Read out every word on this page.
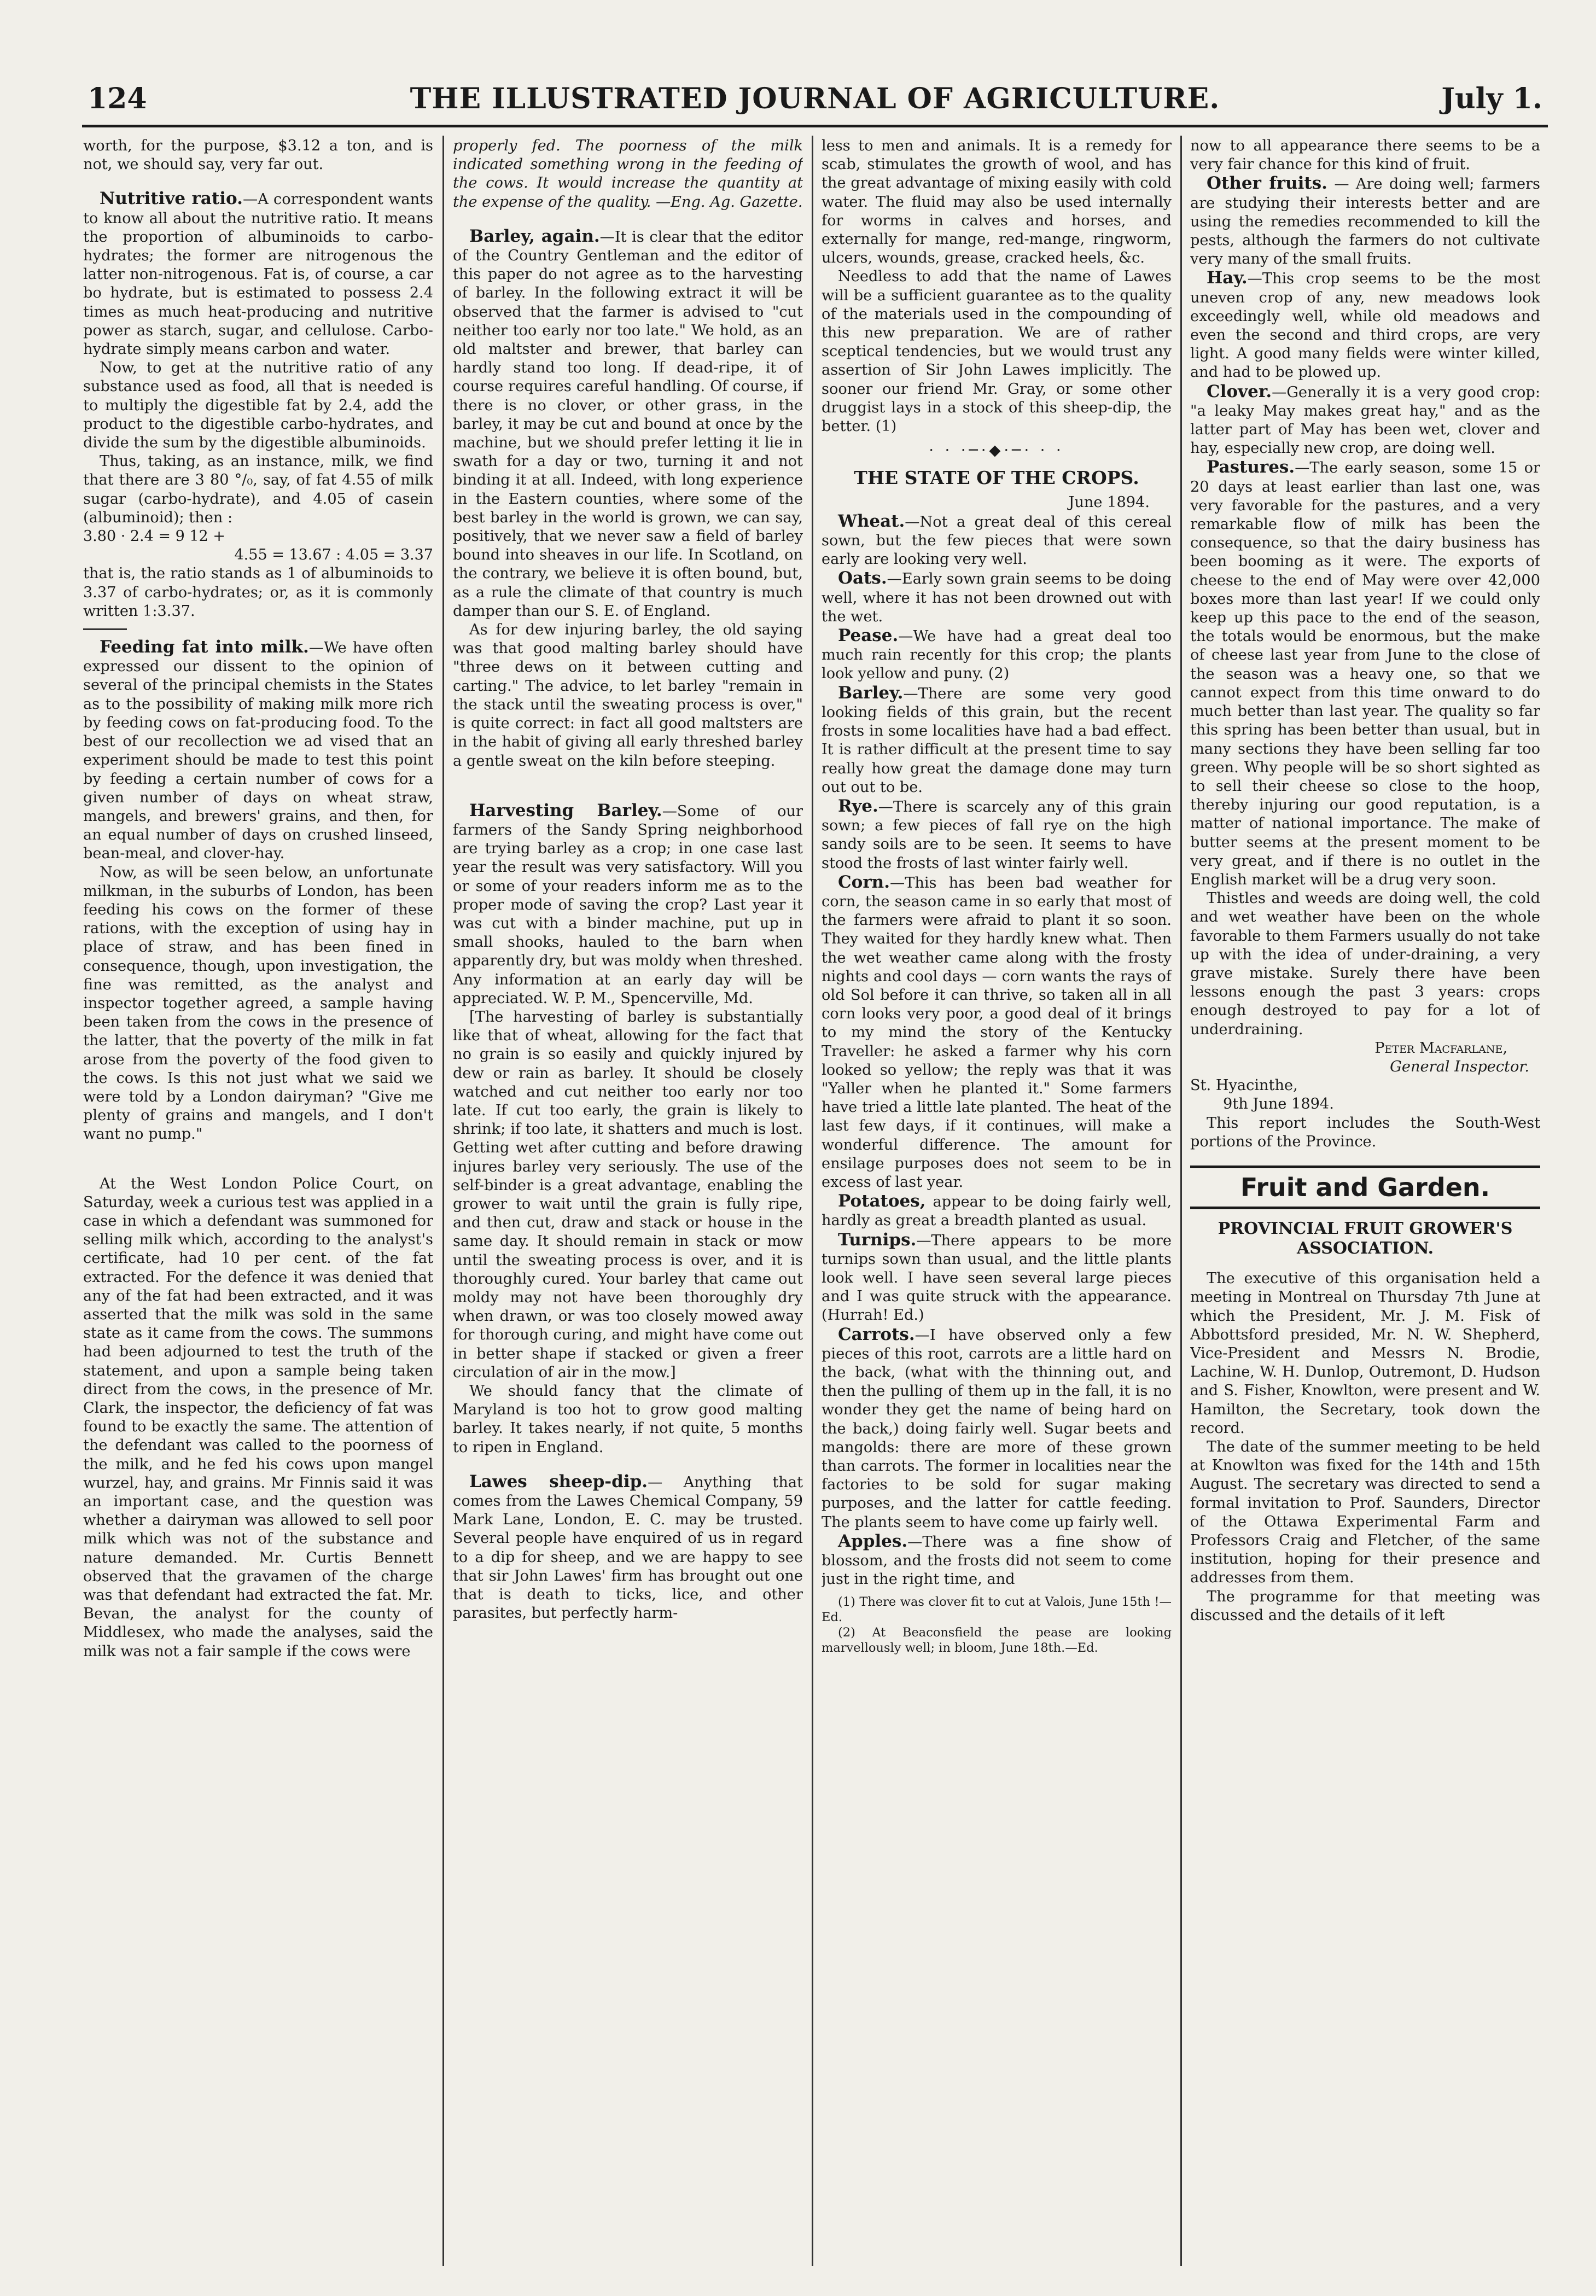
124	THE ILLUSTRATED JOURNAL OF AGRICULTURE.	July 1.

worth, for the purpose, $3.12 a ton, and is not, we should say, very far out.

Nutritive ratio.—A correspondent wants to know all about the nutritive ratio. It means the proportion of albuminoids to carbo-hydrates; the former are nitrogenous the latter non-nitrogenous. Fat is, of course, a car bo hydrate, but is estimated to possess 2.4 times as much heat-producing and nutritive power as starch, sugar, and cellulose. Carbo-hydrate simply means carbon and water.

Now, to get at the nutritive ratio of any substance used as food, all that is needed is to multiply the digestible fat by 2.4, add the product to the digestible carbo-hydrates, and divide the sum by the digestible albuminoids.

Thus, taking, as an instance, milk, we find that there are 3 80 °/₀, say, of fat 4.55 of milk sugar (carbo-hydrate), and 4.05 of casein (albuminoid); then :

3.80 · 2.4 = 9 12 +
4.55 = 13.67 : 4.05 = 3.37

that is, the ratio stands as 1 of albuminoids to 3.37 of carbo-hydrates; or, as it is commonly written 1:3.37.

Feeding fat into milk.—We have often expressed our dissent to the opinion of several of the principal chemists in the States as to the possibility of making milk more rich by feeding cows on fat-producing food. To the best of our recollection we ad vised that an experiment should be made to test this point by feeding a certain number of cows for a given number of days on wheat straw, mangels, and brewers' grains, and then, for an equal number of days on crushed linseed, bean-meal, and clover-hay.

Now, as will be seen below, an unfortunate milkman, in the suburbs of London, has been feeding his cows on the former of these rations, with the exception of using hay in place of straw, and has been fined in consequence, though, upon investigation, the fine was remitted, as the analyst and inspector together agreed, a sample having been taken from the cows in the presence of the latter, that the poverty of the milk in fat arose from the poverty of the food given to the cows. Is this not just what we said we were told by a London dairyman? "Give me plenty of grains and mangels, and I don't want no pump."

At the West London Police Court, on Saturday, week a curious test was applied in a case in which a defendant was summoned for selling milk which, according to the analyst's certificate, had 10 per cent. of the fat extracted. For the defence it was denied that any of the fat had been extracted, and it was asserted that the milk was sold in the same state as it came from the cows. The summons had been adjourned to test the truth of the statement, and upon a sample being taken direct from the cows, in the presence of Mr. Clark, the inspector, the deficiency of fat was found to be exactly the same. The attention of the defendant was called to the poorness of the milk, and he fed his cows upon mangel wurzel, hay, and grains. Mr Finnis said it was an important case, and the question was whether a dairyman was allowed to sell poor milk which was not of the substance and nature demanded. Mr. Curtis Bennett observed that the gravamen of the charge was that defendant had extracted the fat. Mr. Bevan, the analyst for the county of Middlesex, who made the analyses, said the milk was not a fair sample if the cows were

properly fed. The poorness of the milk indicated something wrong in the feeding of the cows. It would increase the quantity at the expense of the quality. —Eng. Ag. Gazette.

Barley, again.—It is clear that the editor of the Country Gentleman and the editor of this paper do not agree as to the harvesting of barley. In the following extract it will be observed that the farmer is advised to "cut neither too early nor too late." We hold, as an old maltster and brewer, that barley can hardly stand too long. If dead-ripe, it of course requires careful handling. Of course, if there is no clover, or other grass, in the barley, it may be cut and bound at once by the machine, but we should prefer letting it lie in swath for a day or two, turning it and not binding it at all. Indeed, with long experience in the Eastern counties, where some of the best barley in the world is grown, we can say, positively, that we never saw a field of barley bound into sheaves in our life. In Scotland, on the contrary, we believe it is often bound, but, as a rule the climate of that country is much damper than our S. E. of England.

As for dew injuring barley, the old saying was that good malting barley should have "three dews on it between cutting and carting." The advice, to let barley "remain in the stack until the sweating process is over," is quite correct: in fact all good maltsters are in the habit of giving all early threshed barley a gentle sweat on the kiln before steeping.

Harvesting Barley.—Some of our farmers of the Sandy Spring neighborhood are trying barley as a crop; in one case last year the result was very satisfactory. Will you or some of your readers inform me as to the proper mode of saving the crop? Last year it was cut with a binder machine, put up in small shooks, hauled to the barn when apparently dry, but was moldy when threshed. Any information at an early day will be appreciated. W. P. M., Spencerville, Md.

[The harvesting of barley is substantially like that of wheat, allowing for the fact that no grain is so easily and quickly injured by dew or rain as barley. It should be closely watched and cut neither too early nor too late. If cut too early, the grain is likely to shrink; if too late, it shatters and much is lost. Getting wet after cutting and before drawing injures barley very seriously. The use of the self-binder is a great advantage, enabling the grower to wait until the grain is fully ripe, and then cut, draw and stack or house in the same day. It should remain in stack or mow until the sweating process is over, and it is thoroughly cured. Your barley that came out moldy may not have been thoroughly dry when drawn, or was too closely mowed away for thorough curing, and might have come out in better shape if stacked or given a freer circulation of air in the mow.]

We should fancy that the climate of Maryland is too hot to grow good malting barley. It takes nearly, if not quite, 5 months to ripen in England.

Lawes sheep-dip.— Anything that comes from the Lawes Chemical Company, 59 Mark Lane, London, E. C. may be trusted. Several people have enquired of us in regard to a dip for sheep, and we are happy to see that sir John Lawes' firm has brought out one that is death to ticks, lice, and other parasites, but perfectly harm-

less to men and animals. It is a remedy for scab, stimulates the growth of wool, and has the great advantage of mixing easily with cold water. The fluid may also be used internally for worms in calves and horses, and externally for mange, red-mange, ringworm, ulcers, wounds, grease, cracked heels, &c.

Needless to add that the name of Lawes will be a sufficient guarantee as to the quality of the materials used in the compounding of this new preparation. We are of rather sceptical tendencies, but we would trust any assertion of Sir John Lawes implicitly. The sooner our friend Mr. Gray, or some other druggist lays in a stock of this sheep-dip, the better. (1)

· · ·─·◆·─· · ·
THE STATE OF THE CROPS.

June 1894.

Wheat.—Not a great deal of this cereal sown, but the few pieces that were sown early are looking very well.

Oats.—Early sown grain seems to be doing well, where it has not been drowned out with the wet.

Pease.—We have had a great deal too much rain recently for this crop; the plants look yellow and puny. (2)

Barley.—There are some very good looking fields of this grain, but the recent frosts in some localities have had a bad effect. It is rather difficult at the present time to say really how great the damage done may turn out out to be.

Rye.—There is scarcely any of this grain sown; a few pieces of fall rye on the high sandy soils are to be seen. It seems to have stood the frosts of last winter fairly well.

Corn.—This has been bad weather for corn, the season came in so early that most of the farmers were afraid to plant it so soon. They waited for they hardly knew what. Then the wet weather came along with the frosty nights and cool days — corn wants the rays of old Sol before it can thrive, so taken all in all corn looks very poor, a good deal of it brings to my mind the story of the Kentucky Traveller: he asked a farmer why his corn looked so yellow; the reply was that it was "Yaller when he planted it." Some farmers have tried a little late planted. The heat of the last few days, if it continues, will make a wonderful difference. The amount for ensilage purposes does not seem to be in excess of last year.

Potatoes, appear to be doing fairly well, hardly as great a breadth planted as usual.

Turnips.—There appears to be more turnips sown than usual, and the little plants look well. I have seen several large pieces and I was quite struck with the appearance. (Hurrah! Ed.)

Carrots.—I have observed only a few pieces of this root, carrots are a little hard on the back, (what with the thinning out, and then the pulling of them up in the fall, it is no wonder they get the name of being hard on the back,) doing fairly well. Sugar beets and mangolds: there are more of these grown than carrots. The former in localities near the factories to be sold for sugar making purposes, and the latter for cattle feeding. The plants seem to have come up fairly well.

Apples.—There was a fine show of blossom, and the frosts did not seem to come just in the right time, and

(1) There was clover fit to cut at Valois, June 15th !—Ed.

(2) At Beaconsfield the pease are looking marvellously well; in bloom, June 18th.—Ed.

now to all appearance there seems to be a very fair chance for this kind of fruit.

Other fruits. — Are doing well; farmers are studying their interests better and are using the remedies recommended to kill the pests, although the farmers do not cultivate very many of the small fruits.

Hay.—This crop seems to be the most uneven crop of any, new meadows look exceedingly well, while old meadows and even the second and third crops, are very light. A good many fields were winter killed, and had to be plowed up.

Clover.—Generally it is a very good crop: "a leaky May makes great hay," and as the latter part of May has been wet, clover and hay, especially new crop, are doing well.

Pastures.—The early season, some 15 or 20 days at least earlier than last one, was very favorable for the pastures, and a very remarkable flow of milk has been the consequence, so that the dairy business has been booming as it were. The exports of cheese to the end of May were over 42,000 boxes more than last year! If we could only keep up this pace to the end of the season, the totals would be enormous, but the make of cheese last year from June to the close of the season was a heavy one, so that we cannot expect from this time onward to do much better than last year. The quality so far this spring has been better than usual, but in many sections they have been selling far too green. Why people will be so short sighted as to sell their cheese so close to the hoop, thereby injuring our good reputation, is a matter of national importance. The make of butter seems at the present moment to be very great, and if there is no outlet in the English market will be a drug very soon.

Thistles and weeds are doing well, the cold and wet weather have been on the whole favorable to them Farmers usually do not take up with the idea of under-draining, a very grave mistake. Surely there have been lessons enough the past 3 years: crops enough destroyed to pay for a lot of underdraining.

Peter Macfarlane,

General Inspector.

St. Hyacinthe,

9th June 1894.

This report includes the South-West portions of the Province.

Fruit and Garden.
PROVINCIAL FRUIT GROWER'S ASSOCIATION.

The executive of this organisation held a meeting in Montreal on Thursday 7th June at which the President, Mr. J. M. Fisk of Abbottsford presided, Mr. N. W. Shepherd, Vice-President and Messrs N. Brodie, Lachine, W. H. Dunlop, Outremont, D. Hudson and S. Fisher, Knowlton, were present and W. Hamilton, the Secretary, took down the record.

The date of the summer meeting to be held at Knowlton was fixed for the 14th and 15th August. The secretary was directed to send a formal invitation to Prof. Saunders, Director of the Ottawa Experimental Farm and Professors Craig and Fletcher, of the same institution, hoping for their presence and addresses from them.

The programme for that meeting was discussed and the details of it left
